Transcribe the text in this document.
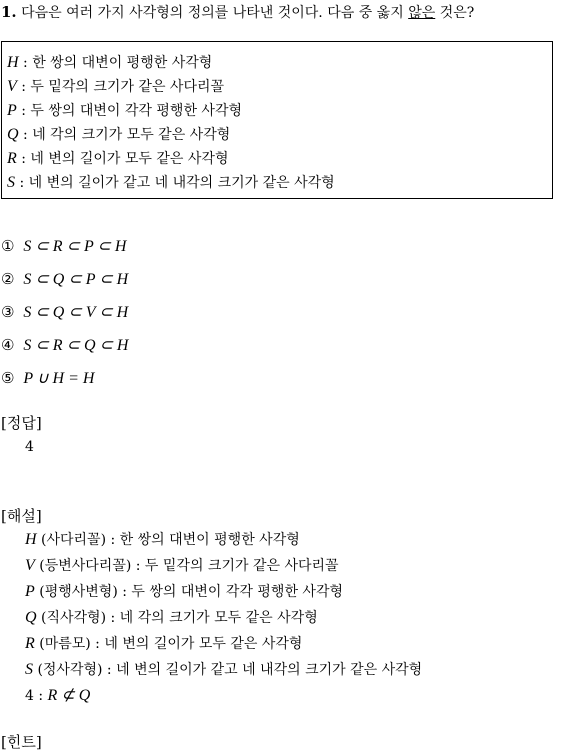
1. 다음은 여러 가지 사각형의 정의를 나타낸 것이다. 다음 중 옳지 않은 것은?
H : 한 쌍의 대변이 평행한 사각형
V : 두 밑각의 크기가 같은 사다리꼴
P : 두 쌍의 대변이 각각 평행한 사각형
Q : 네 각의 크기가 모두 같은 사각형
R : 네 변의 길이가 모두 같은 사각형
S : 네 변의 길이가 같고 네 내각의 크기가 같은 사각형
① S ⊂ R ⊂ P ⊂ H
② S ⊂ Q ⊂ P ⊂ H
③ S ⊂ Q ⊂ V ⊂ H
④ S ⊂ R ⊂ Q ⊂ H
⑤ P ∪ H = H
[정답]
4
[해설]
H (사다리꼴) : 한 쌍의 대변이 평행한 사각형
V (등변사다리꼴) : 두 밑각의 크기가 같은 사다리꼴
P (평행사변형) : 두 쌍의 대변이 각각 평행한 사각형
Q (직사각형) : 네 각의 크기가 모두 같은 사각형
R (마름모) : 네 변의 길이가 모두 같은 사각형
S (정사각형) : 네 변의 길이가 같고 네 내각의 크기가 같은 사각형
4 : R ⊄ Q
[힌트]
